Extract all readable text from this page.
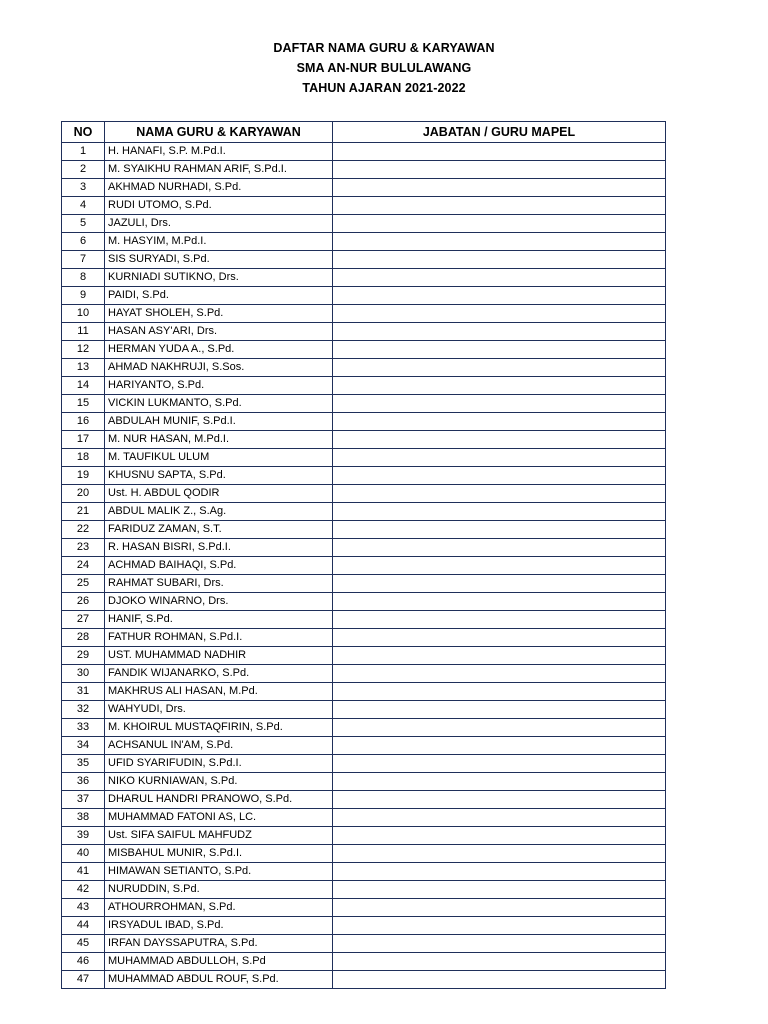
DAFTAR NAMA GURU & KARYAWAN
SMA AN-NUR BULULAWANG
TAHUN AJARAN 2021-2022
NO	NAMA GURU & KARYAWAN	JABATAN / GURU MAPEL
1	H. HANAFI, S.P. M.Pd.I.	
2	M. SYAIKHU RAHMAN ARIF, S.Pd.I.	
3	AKHMAD NURHADI, S.Pd.	
4	RUDI UTOMO, S.Pd.	
5	JAZULI, Drs.	
6	M. HASYIM, M.Pd.I.	
7	SIS SURYADI, S.Pd.	
8	KURNIADI SUTIKNO, Drs.	
9	PAIDI, S.Pd.	
10	HAYAT SHOLEH, S.Pd.	
11	HASAN ASY'ARI, Drs.	
12	HERMAN YUDA A., S.Pd.	
13	AHMAD NAKHRUJI, S.Sos.	
14	HARIYANTO, S.Pd.	
15	VICKIN LUKMANTO, S.Pd.	
16	ABDULAH MUNIF, S.Pd.I.	
17	M. NUR HASAN, M.Pd.I.	
18	M. TAUFIKUL ULUM	
19	KHUSNU SAPTA, S.Pd.	
20	Ust. H. ABDUL QODIR	
21	ABDUL MALIK Z., S.Ag.	
22	FARIDUZ ZAMAN, S.T.	
23	R. HASAN BISRI, S.Pd.I.	
24	ACHMAD BAIHAQI, S.Pd.	
25	RAHMAT SUBARI, Drs.	
26	DJOKO WINARNO, Drs.	
27	HANIF, S.Pd.	
28	FATHUR ROHMAN, S.Pd.I.	
29	UST. MUHAMMAD NADHIR	
30	FANDIK WIJANARKO, S.Pd.	
31	MAKHRUS ALI HASAN, M.Pd.	
32	WAHYUDI, Drs.	
33	M. KHOIRUL MUSTAQFIRIN, S.Pd.	
34	ACHSANUL IN'AM, S.Pd.	
35	UFID SYARIFUDIN, S.Pd.I.	
36	NIKO KURNIAWAN, S.Pd.	
37	DHARUL HANDRI PRANOWO, S.Pd.	
38	MUHAMMAD FATONI AS, LC.	
39	Ust. SIFA SAIFUL MAHFUDZ	
40	MISBAHUL MUNIR, S.Pd.I.	
41	HIMAWAN SETIANTO, S.Pd.	
42	NURUDDIN, S.Pd.	
43	ATHOURROHMAN, S.Pd.	
44	IRSYADUL IBAD, S.Pd.	
45	IRFAN DAYSSAPUTRA, S.Pd.	
46	MUHAMMAD ABDULLOH, S.Pd	
47	MUHAMMAD ABDUL ROUF, S.Pd.	
